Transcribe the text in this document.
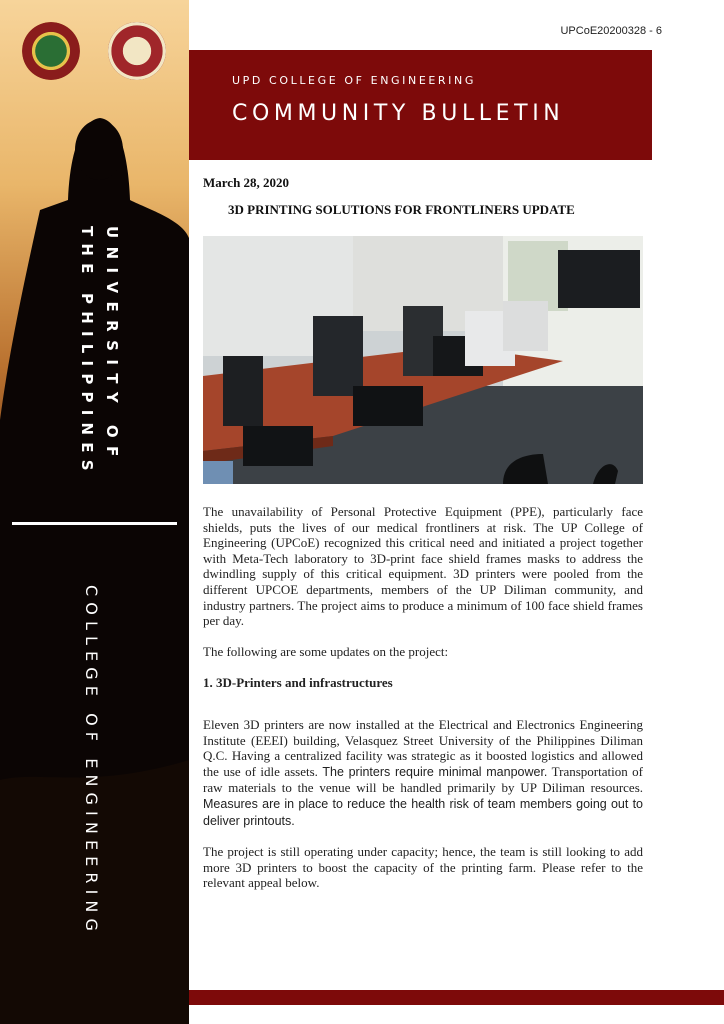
UNIVERSITY OF
THE PHILIPPINES
COLLEGE OF ENGINEERING
UPCoE20200328 - 6
UPD COLLEGE OF ENGINEERING
COMMUNITY BULLETIN
March 28, 2020
3D PRINTING SOLUTIONS FOR FRONTLINERS UPDATE

The unavailability of Personal Protective Equipment (PPE), particularly face shields, puts the lives of our medical frontliners at risk. The UP College of Engineering (UPCoE) recognized this critical need and initiated a project together with Meta-Tech laboratory to 3D-print face shield frames masks to address the dwindling supply of this critical equipment. 3D printers were pooled from the different UPCOE departments, members of the UP Diliman community, and industry partners. The project aims to produce a minimum of 100 face shield frames per day.

The following are some updates on the project:

1. 3D-Printers and infrastructures

Eleven 3D printers are now installed at the Electrical and Electronics Engineering Institute (EEEI) building, Velasquez Street University of the Philippines Diliman Q.C. Having a centralized facility was strategic as it boosted logistics and allowed the use of idle assets. The printers require minimal manpower. Transportation of raw materials to the venue will be handled primarily by UP Diliman resources. Measures are in place to reduce the health risk of team members going out to deliver printouts.

The project is still operating under capacity; hence, the team is still looking to add more 3D printers to boost the capacity of the printing farm. Please refer to the relevant appeal below.
